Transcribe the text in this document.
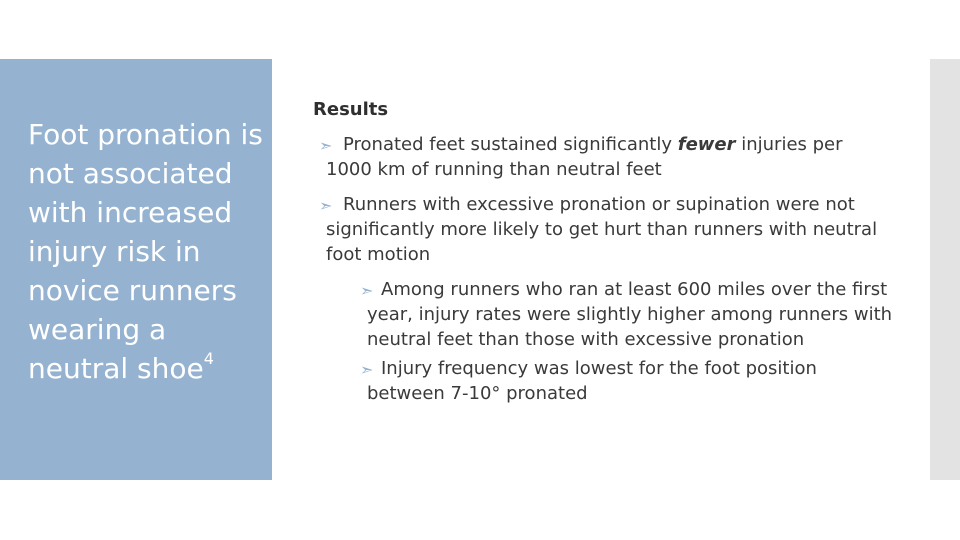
Foot pronation is not associated with increased injury risk in novice runners wearing a neutral shoe$^4$
Results
➣ Pronated feet sustained significantly fewer injuries per 1000 km of running than neutral feet
➣ Runners with excessive pronation or supination were not significantly more likely to get hurt than runners with neutral foot motion
➣ Among runners who ran at least 600 miles over the first year, injury rates were slightly higher among runners with neutral feet than those with excessive pronation
➣ Injury frequency was lowest for the foot position between 7-10° pronated
